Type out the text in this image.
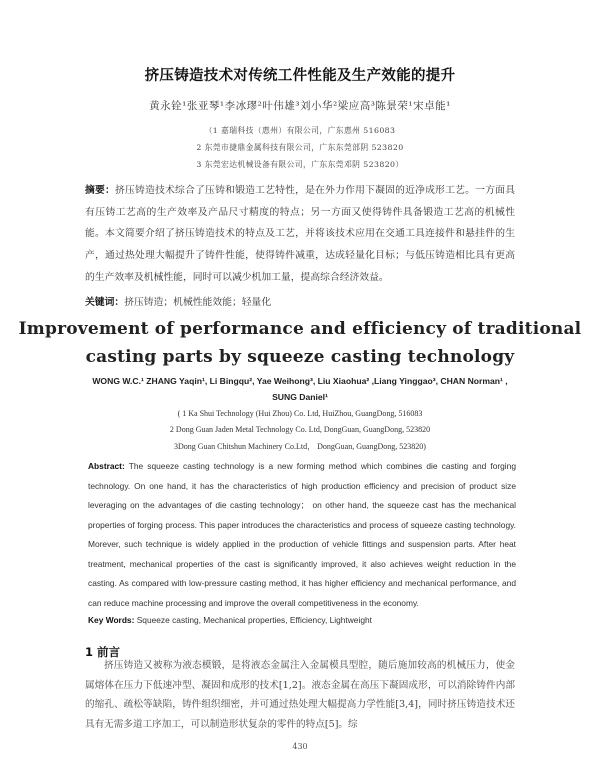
挤压铸造技术对传统工件性能及生产效能的提升
黄永铨¹张亚琴¹李冰璆²叶伟雄³刘小华²梁应高³陈景荣¹宋卓能¹
（1 嘉瑞科技（惠州）有限公司，广东惠州 516083
2 东莞市捷鼎金属科技有限公司，广东东莞部阴 523820
3 东莞宏达机械设备有限公司，广东东莞邓阴 523820）
摘要：挤压铸造技术综合了压铸和锻造工艺特性，是在外力作用下凝固的近净成形工艺。一方面具有压铸工艺高的生产效率及产品尺寸精度的特点；另一方面又使得铸件具备锻造工艺高的机械性能。本文简要介绍了挤压铸造技术的特点及工艺，并将该技术应用在交通工具连接件和悬挂件的生产，通过热处理大幅提升了铸件性能，使得铸件减重，达成轻量化目标；与低压铸造相比具有更高的生产效率及机械性能，同时可以减少机加工量，提高综合经济效益。
关键词：挤压铸造；机械性能效能；轻量化
Improvement of performance and efficiency of traditional
casting parts by squeeze casting technology
WONG W.C.¹ ZHANG Yaqin¹, Li Bingqu², Yae Weihong³, Liu Xiaohua² ,Liang Yinggao³, CHAN Norman¹ , SUNG Daniel¹
( 1 Ka Shui Technology (Hui Zhou) Co. Ltd, HuiZhou, GuangDong, 516083
2 Dong Guan Jaden Metal Technology Co. Ltd, DongGuan, GuangDong, 523820
3Dong Guan Chitshun Machinery Co.Ltd， DongGuan, GuangDong, 523820)
Abstract: The squeeze casting technology is a new forming method which combines die casting and forging technology. On one hand, it has the characteristics of high production efficiency and precision of product size leveraging on the advantages of die casting technology； on other hand, the squeeze cast has the mechanical properties of forging process. This paper introduces the characteristics and process of squeeze casting technology. Morever, such technique is widely applied in the production of vehicle fittings and suspension parts. After heat treatment, mechanical properties of the cast is significantly improved, it also achieves weight reduction in the casting. As compared with low-pressure casting method, it has higher efficiency and mechanical performance, and can reduce machine processing and improve the overall competitiveness in the economy.
Key Words: Squeeze casting, Mechanical properties, Efficiency, Lightweight
1 前言
挤压铸造又被称为液态模锻，是将液态金属注入金属模具型腔，随后施加较高的机械压力，使金属熔体在压力下低速冲型、凝固和成形的技术[1,2]。液态金属在高压下凝固成形，可以消除铸件内部的缩孔、疏松等缺陷，铸件组织细密，并可通过热处理大幅提高力学性能[3,4]，同时挤压铸造技术还具有无需多道工序加工，可以制造形状复杂的零件的特点[5]。综
430
